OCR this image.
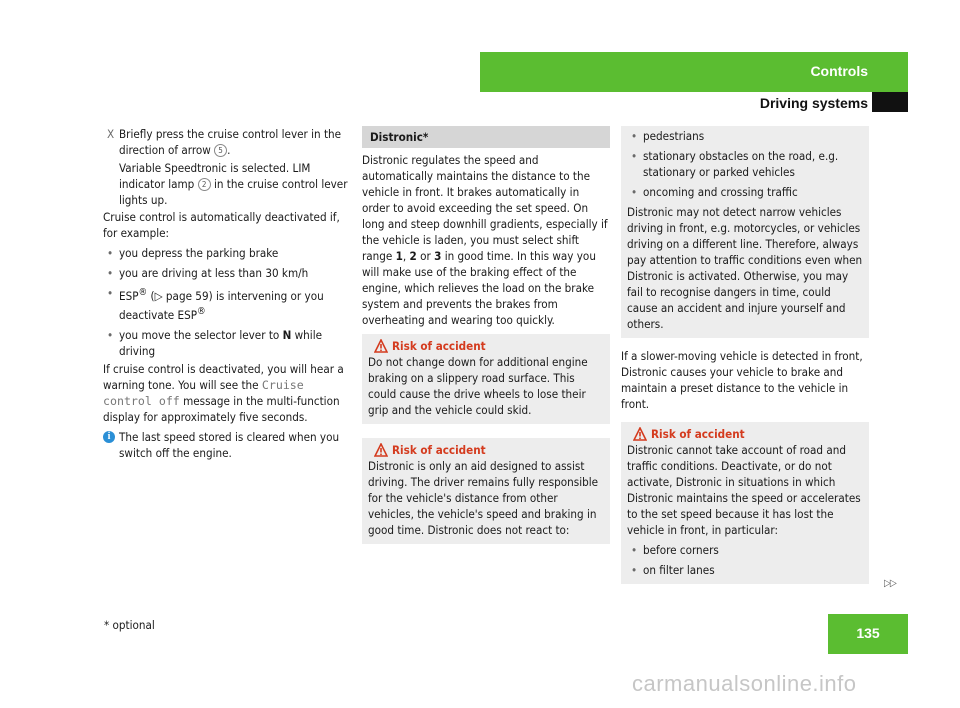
Controls
Driving systems

X Briefly press the cruise control lever in the direction of arrow 5 .

Variable Speedtronic is selected. LIM indicator lamp 2 in the cruise control lever lights up.

Cruise control is automatically deactivated if, for example:

• you depress the parking brake

• you are driving at less than 30 km/h

• ESP® (▷ page 59) is intervening or you deactivate ESP®

• you move the selector lever to N while driving

If cruise control is deactivated, you will hear a warning tone. You will see the Cruise control off message in the multi-function display for approximately five seconds.

i The last speed stored is cleared when you switch off the engine.

Distronic*

Distronic regulates the speed and automatically maintains the distance to the vehicle in front. It brakes automatically in order to avoid exceeding the set speed. On long and steep downhill gradients, especially if the vehicle is laden, you must select shift range 1, 2 or 3 in good time. In this way you will make use of the braking effect of the engine, which relieves the load on the brake system and prevents the brakes from overheating and wearing too quickly.

Risk of accident

Do not change down for additional engine braking on a slippery road surface. This could cause the drive wheels to lose their grip and the vehicle could skid.

Risk of accident

Distronic is only an aid designed to assist driving. The driver remains fully responsible for the vehicle's distance from other vehicles, the vehicle's speed and braking in good time. Distronic does not react to:

• pedestrians

• stationary obstacles on the road, e.g. stationary or parked vehicles

• oncoming and crossing traffic

Distronic may not detect narrow vehicles driving in front, e.g. motorcycles, or vehicles driving on a different line. Therefore, always pay attention to traffic conditions even when Distronic is activated. Otherwise, you may fail to recognise dangers in time, could cause an accident and injure yourself and others.

If a slower-moving vehicle is detected in front, Distronic causes your vehicle to brake and maintain a preset distance to the vehicle in front.

Risk of accident

Distronic cannot take account of road and traffic conditions. Deactivate, or do not activate, Distronic in situations in which Distronic maintains the speed or accelerates to the set speed because it has lost the vehicle in front, in particular:

• before corners

• on filter lanes

▷▷
* optional	135
carmanualsonline.info
